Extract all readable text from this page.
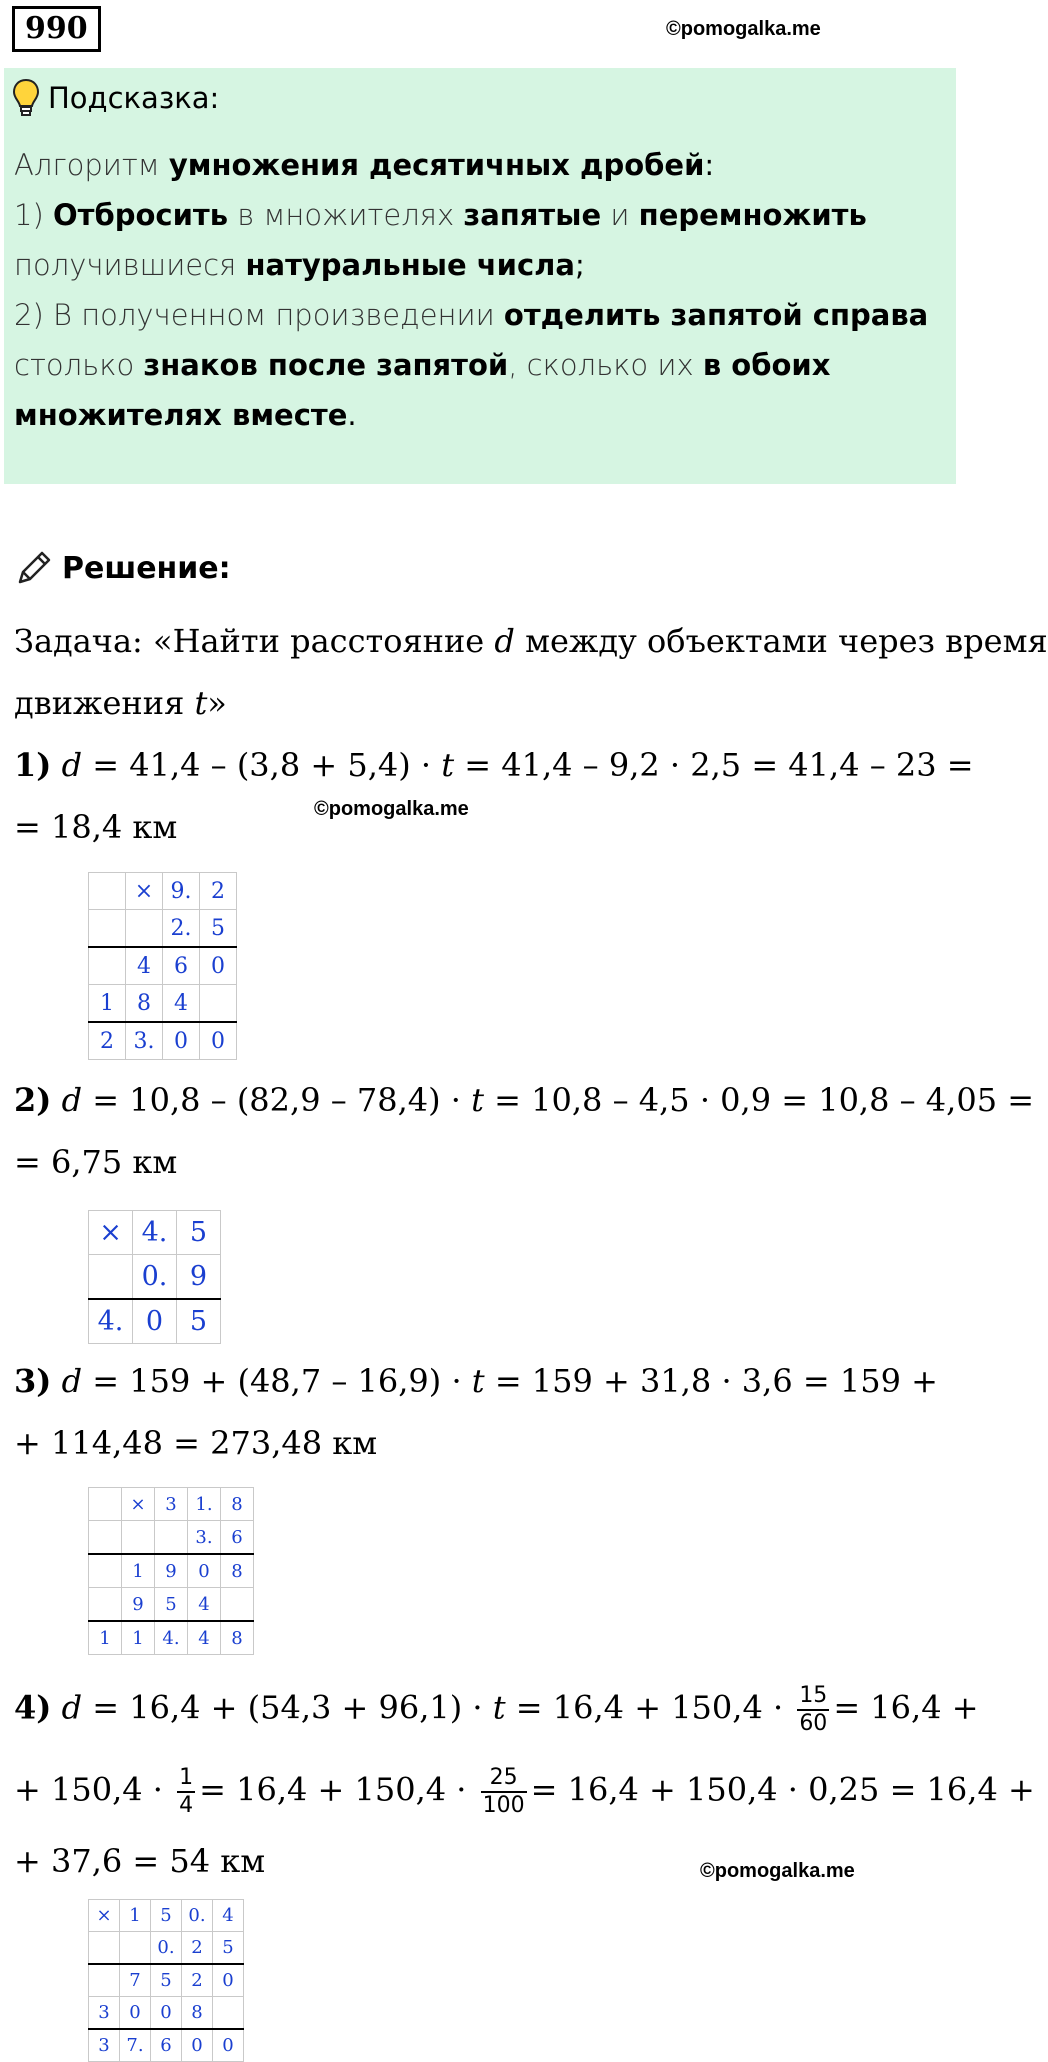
990	©pomogalka.me
Подсказка:
Алгоритм умножения десятичных дробей:
1) Отбросить в множителях запятые и перемножить
получившиеся натуральные числа;
2) В полученном произведении отделить запятой справа
столько знаков после запятой, сколько их в обоих
множителях вместе.
Решение:
Задача: «Найти расстояние d между объектами через время
движения t»
1) d = 41,4 – (3,8 + 5,4) · t = 41,4 – 9,2 · 2,5 = 41,4 – 23 =
= 18,4 км	©pomogalka.me
	×	9.	2
		2.	5
	4	6	0
1	8	4	
2	3.	0	0
2) d = 10,8 – (82,9 – 78,4) · t = 10,8 – 4,5 · 0,9 = 10,8 – 4,05 =
= 6,75 км
×	4.	5
	0.	9
4.	0	5
3) d = 159 + (48,7 – 16,9) · t = 159 + 31,8 · 3,6 = 159 +
+ 114,48 = 273,48 км
	×	3	1.	8
			3.	6
	1	9	0	8
	9	5	4	
1	1	4.	4	8
4) $d = 16,4 + (54,3 + 96,1) \cdot t = 16,4 + 150,4 \cdot \frac{15}{60} = 16,4$ +
+ $150,4 \cdot \frac{1}{4} = 16,4 + 150,4 \cdot \frac{25}{100} = 16,4 + 150,4 \cdot 0,25 = 16,4$ +
+ 37,6 = 54 км	©pomogalka.me
×	1	5	0.	4
		0.	2	5
	7	5	2	0
3	0	0	8	
3	7.	6	0	0
